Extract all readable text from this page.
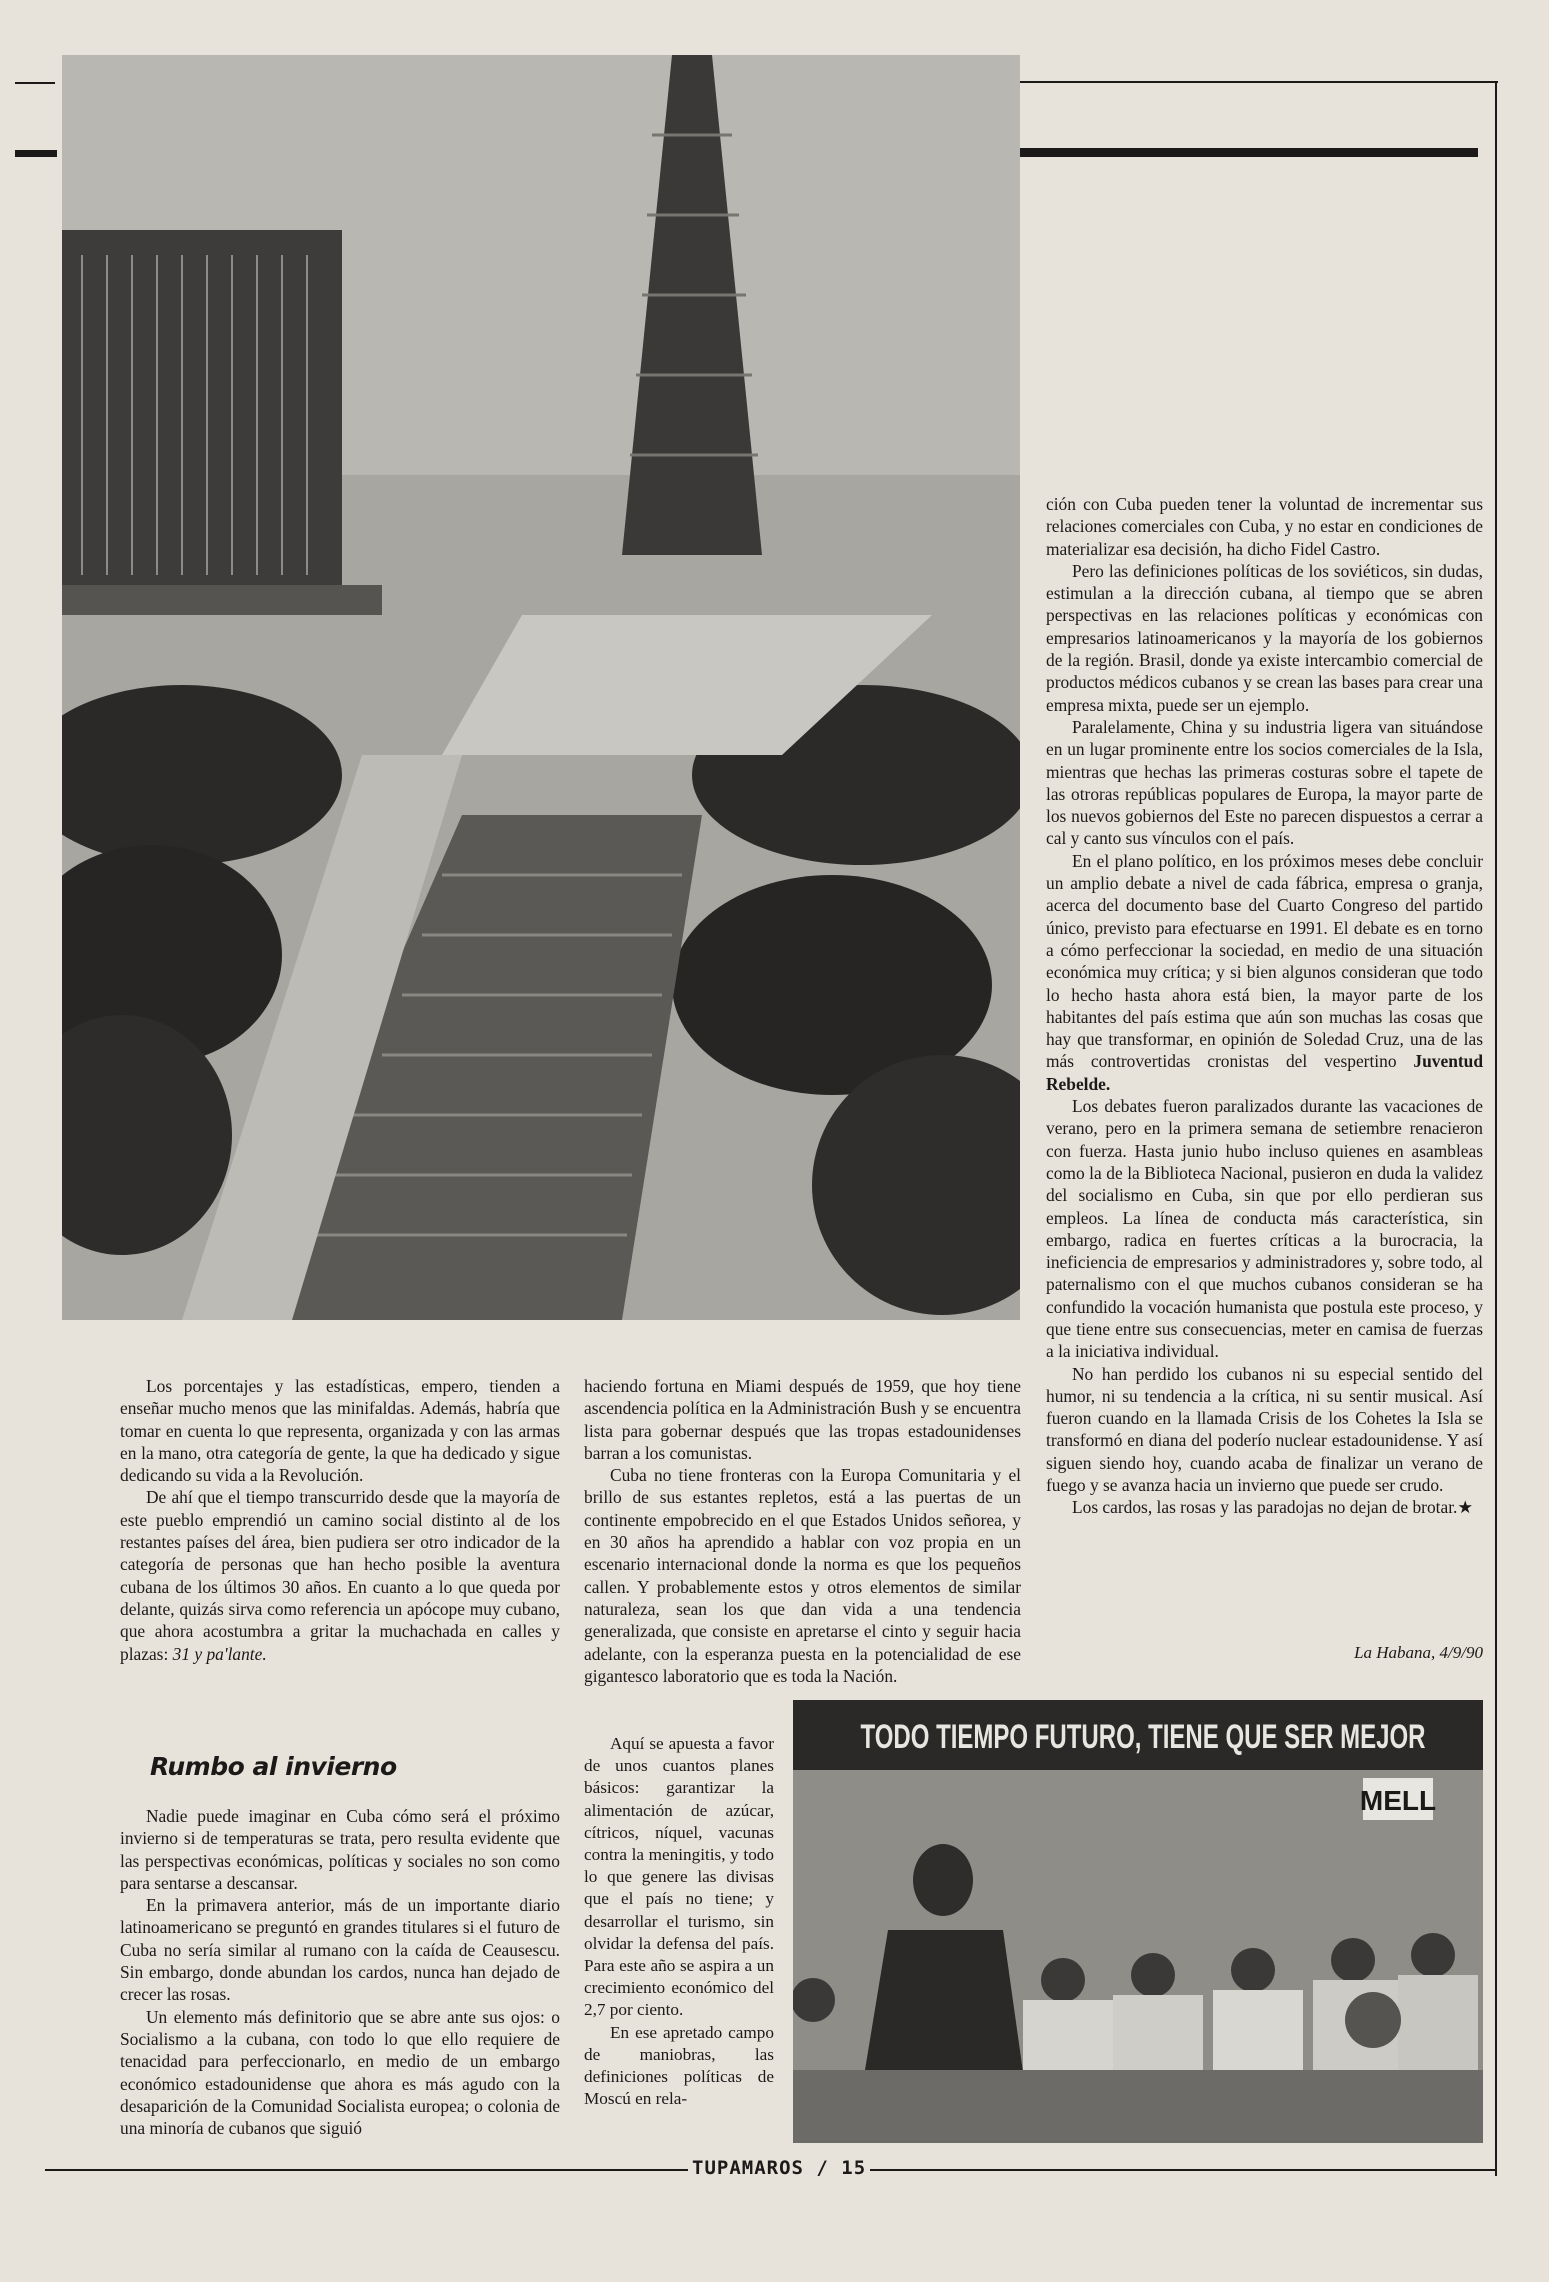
ción con Cuba pueden tener la voluntad de incrementar sus relaciones comerciales con Cuba, y no estar en condiciones de materializar esa decisión, ha dicho Fidel Castro.

Pero las definiciones políticas de los soviéticos, sin dudas, estimulan a la dirección cubana, al tiempo que se abren perspectivas en las relaciones políticas y económicas con empresarios latinoamericanos y la mayoría de los gobiernos de la región. Brasil, donde ya existe intercambio comercial de productos médicos cubanos y se crean las bases para crear una empresa mixta, puede ser un ejemplo.

Paralelamente, China y su industria ligera van situándose en un lugar prominente entre los socios comerciales de la Isla, mientras que hechas las primeras costuras sobre el tapete de las otroras repúblicas populares de Europa, la mayor parte de los nuevos gobiernos del Este no parecen dispuestos a cerrar a cal y canto sus vínculos con el país.

En el plano político, en los próximos meses debe concluir un amplio debate a nivel de cada fábrica, empresa o granja, acerca del documento base del Cuarto Congreso del partido único, previsto para efectuarse en 1991. El debate es en torno a cómo perfeccionar la sociedad, en medio de una situación económica muy crítica; y si bien algunos consideran que todo lo hecho hasta ahora está bien, la mayor parte de los habitantes del país estima que aún son muchas las cosas que hay que transformar, en opinión de Soledad Cruz, una de las más controvertidas cronistas del vespertino Juventud Rebelde.

Los debates fueron paralizados durante las vacaciones de verano, pero en la primera semana de setiembre renacieron con fuerza. Hasta junio hubo incluso quienes en asambleas como la de la Biblioteca Nacional, pusieron en duda la validez del socialismo en Cuba, sin que por ello perdieran sus empleos. La línea de conducta más característica, sin embargo, radica en fuertes críticas a la burocracia, la ineficiencia de empresarios y administradores y, sobre todo, al paternalismo con el que muchos cubanos consideran se ha confundido la vocación humanista que postula este proceso, y que tiene entre sus consecuencias, meter en camisa de fuerzas a la iniciativa individual.

No han perdido los cubanos ni su especial sentido del humor, ni su tendencia a la crítica, ni su sentir musical. Así fueron cuando en la llamada Crisis de los Cohetes la Isla se transformó en diana del poderío nuclear estadounidense. Y así siguen siendo hoy, cuando acaba de finalizar un verano de fuego y se avanza hacia un invierno que puede ser crudo.

Los cardos, las rosas y las paradojas no dejan de brotar.★

La Habana, 4/9/90

Los porcentajes y las estadísticas, empero, tienden a enseñar mucho menos que las minifaldas. Además, habría que tomar en cuenta lo que representa, organizada y con las armas en la mano, otra categoría de gente, la que ha dedicado y sigue dedicando su vida a la Revolución.

De ahí que el tiempo transcurrido desde que la mayoría de este pueblo emprendió un camino social distinto al de los restantes países del área, bien pudiera ser otro indicador de la categoría de personas que han hecho posible la aventura cubana de los últimos 30 años. En cuanto a lo que queda por delante, quizás sirva como referencia un apócope muy cubano, que ahora acostumbra a gritar la muchachada en calles y plazas: 31 y pa'lante.

Rumbo al invierno

Nadie puede imaginar en Cuba cómo será el próximo invierno si de temperaturas se trata, pero resulta evidente que las perspectivas económicas, políticas y sociales no son como para sentarse a descansar.

En la primavera anterior, más de un importante diario latinoamericano se preguntó en grandes titulares si el futuro de Cuba no sería similar al rumano con la caída de Ceausescu. Sin embargo, donde abundan los cardos, nunca han dejado de crecer las rosas.

Un elemento más definitorio que se abre ante sus ojos: o Socialismo a la cubana, con todo lo que ello requiere de tenacidad para perfeccionarlo, en medio de un embargo económico estadounidense que ahora es más agudo con la desaparición de la Comunidad Socialista europea; o colonia de una minoría de cubanos que siguió

haciendo fortuna en Miami después de 1959, que hoy tiene ascendencia política en la Administración Bush y se encuentra lista para gobernar después que las tropas estadounidenses barran a los comunistas.

Cuba no tiene fronteras con la Europa Comunitaria y el brillo de sus estantes repletos, está a las puertas de un continente empobrecido en el que Estados Unidos señorea, y en 30 años ha aprendido a hablar con voz propia en un escenario internacional donde la norma es que los pequeños callen. Y probablemente estos y otros elementos de similar naturaleza, sean los que dan vida a una tendencia generalizada, que consiste en apretarse el cinto y seguir hacia adelante, con la esperanza puesta en la potencialidad de ese gigantesco laboratorio que es toda la Nación.

Aquí se apuesta a favor de unos cuantos planes básicos: garantizar la alimentación de azúcar, cítricos, níquel, vacunas contra la meningitis, y todo lo que genere las divisas que el país no tiene; y desarrollar el turismo, sin olvidar la defensa del país. Para este año se aspira a un crecimiento económico del 2,7 por ciento.

En ese apretado campo de maniobras, las definiciones políticas de Moscú en rela-

TODO TIEMPO FUTURO, TIENE QUE SER MEJOR
MELL
TUPAMAROS / 15
